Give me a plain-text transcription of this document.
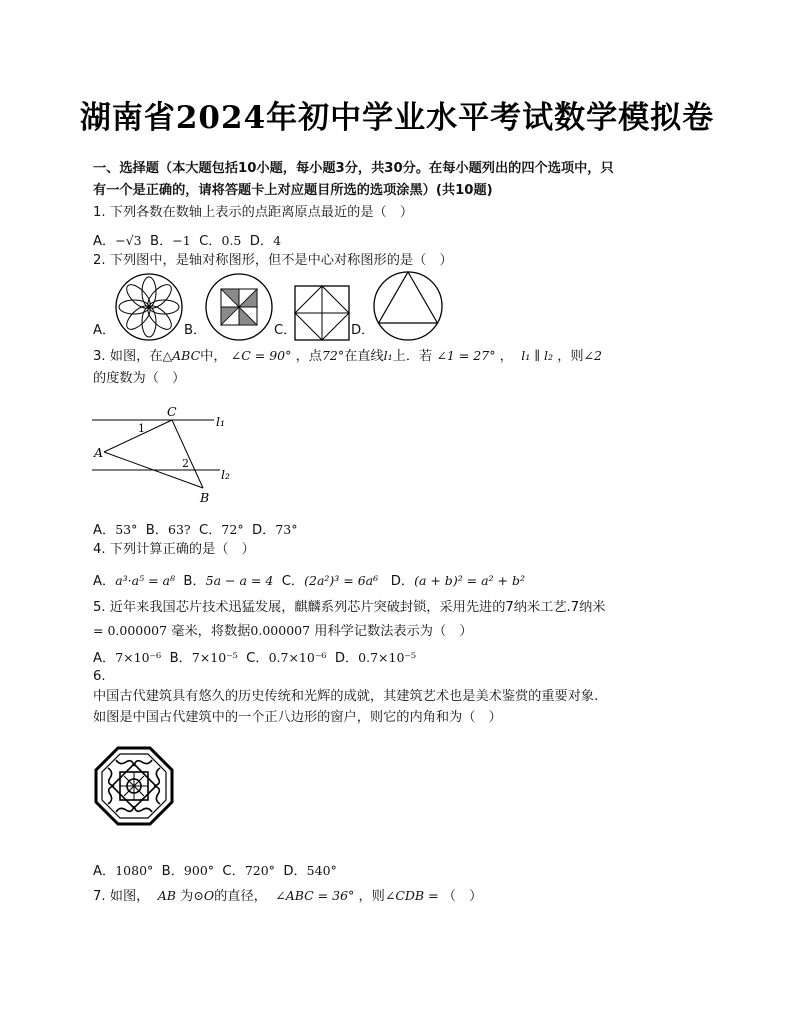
湖南省2024年初中学业水平考试数学模拟卷
一、选择题（本大题包括10小题，每小题3分，共30分。在每小题列出的四个选项中，只
有一个是正确的，请将答题卡上对应题目所选的选项涂黑）(共10题)
1. 下列各数在数轴上表示的点距离原点最近的是（　）
A．−√3 B．−1 C．0.5 D．4
2. 下列图中，是轴对称图形，但不是中心对称图形的是（　）
A．	B．	C．	D．
3. 如图，在△ABC中， ∠C = 90° ，点72°在直线l₁上．若 ∠1 = 27° ， l₁ ∥ l₂ ，则∠2
的度数为（　）
C
A
B
1
2
l₁
l₂
A．53° B．63? C．72° D．73°
4. 下列计算正确的是（　）
A．a³·a⁵ = a⁸ B．5a − a = 4 C．(2a²)³ = 6a⁶ D．(a + b)² = a² + b²
5. 近年来我国芯片技术迅猛发展，麒麟系列芯片突破封锁，采用先进的7纳米工艺.7纳米
= 0.000007 毫米，将数据0.000007 用科学记数法表示为（　）
A．7×10⁻⁶ B．7×10⁻⁵ C．0.7×10⁻⁶ D．0.7×10⁻⁵
6.
中国古代建筑具有悠久的历史传统和光辉的成就，其建筑艺术也是美术鉴赏的重要对象.
如图是中国古代建筑中的一个正八边形的窗户，则它的内角和为（　）
A．1080° B．900° C．720° D．540°
7. 如图， AB 为⊙O的直径， ∠ABC = 36° ，则∠CDB = （　）
